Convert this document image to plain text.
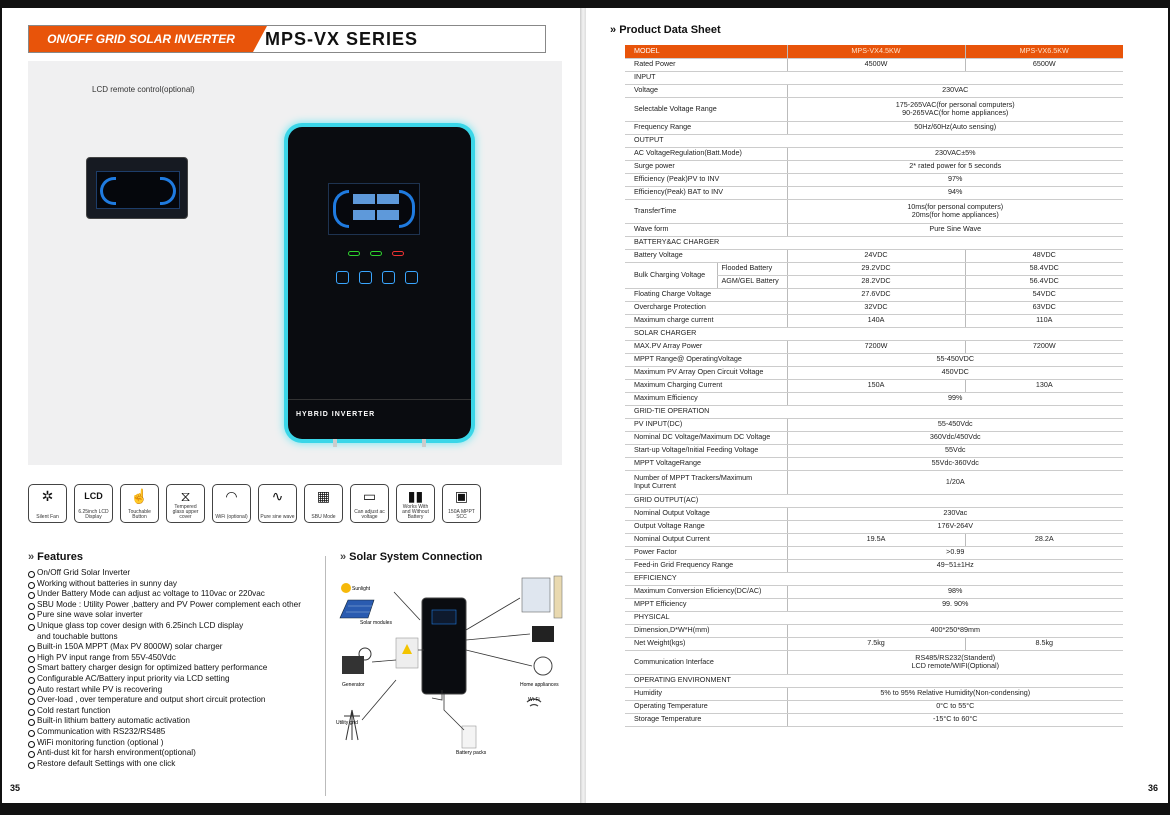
ON/OFF GRID SOLAR INVERTER	MPS-VX SERIES
LCD remote control(optional)
HYBRID INVERTER
✲
Silent Fan
LCD
6.25inch LCD Display
☝
Touchable Button
⧖
Tempered glass upper cover
◠
WiFi (optional)
∿
Pure sine wave
▦
SBU Mode
▭
Can adjust ac voltage
▮▮
Works With and Without Battery
▣
150A MPPT SCC
» Features
On/Off Grid Solar Inverter
Working without batteries in sunny day
Under Battery Mode can adjust ac voltage to 110vac or 220vac
SBU Mode : Utility Power ,battery and PV Power complement each other
Pure sine wave solar inverter
Unique glass top cover design with 6.25inch LCD display
and touchable buttons
Built-in 150A MPPT (Max PV 8000W) solar charger
High PV input range from 55V-450Vdc
Smart battery charger design for optimized battery performance
Configurable AC/Battery input priority via LCD setting
Auto restart while PV is recovering
Over-load , over temperature and output short circuit protection
Cold restart function
Built-in lithium battery automatic activation
Communication with RS232/RS485
WiFi monitoring function (optional )
Anti-dust kit for harsh environment(optional)
Restore default Settings with one click
» Solar System Connection
Sunlight
Solar modules
Generator
Utility grid
Wi-Fi
Battery packs
Home appliances
35
» Product Data Sheet
MODEL		MPS-VX4.5KW	MPS-VX6.5KW
Rated Power		4500W	6500W
INPUT			
Voltage		230VAC	
Selectable Voltage Range		175-265VAC(for personal computers)
90-265VAC(for home appliances)	

Frequency Range		50Hz/60Hz(Auto sensing)	
OUTPUT			
AC VoltageRegulation(Batt.Mode)		230VAC±5%	
Surge power		2* rated power for 5 seconds	
Efficiency (Peak)PV to INV		97%	
Efficiency(Peak) BAT to INV		94%	
TransferTime		10ms(for personal computers)
20ms(for home appliances)	

Wave form		Pure Sine Wave	
BATTERY&AC CHARGER			
Battery Voltage		24VDC	48VDC
Bulk Charging Voltage	Flooded Battery	29.2VDC	58.4VDC
	AGM/GEL Battery	28.2VDC	56.4VDC
Floating Charge Voltage		27.6VDC	54VDC
Overcharge Protection		32VDC	63VDC
Maximum charge current		140A	110A
SOLAR CHARGER			
MAX.PV Array Power		7200W	7200W
MPPT Range@ OperatingVoltage		55-450VDC	
Maximum PV Array Open Circuit Voltage		450VDC	
Maximum Charging Current		150A	130A
Maximum Efficiency		99%	
GRID-TIE OPERATION			
PV INPUT(DC)		55-450Vdc	
Nominal DC Voltage/Maximum DC Voltage		360Vdc/450Vdc	
Start-up Voltage/Initial Feeding Voltage		55Vdc	
MPPT VoltageRange		55Vdc-360Vdc	

Number of MPPT Trackers/Maximum
Input Current		1/20A	
GRID OUTPUT(AC)			
Nominal Output Voltage		230Vac	
Output Voltage Range		176V-264V	
Nominal Output Current		19.5A	28.2A
Power Factor		>0.99	
Feed-in Grid Frequency Range		49~51±1Hz	
EFFICIENCY			
Maximum Conversion Eficiency(DC/AC)		98%	
MPPT Efficiency		99. 90%	
PHYSICAL			
Dimension,D*W*H(mm)		400*250*89mm	
Net Weight(kgs)		7.5kg	8.5kg
Communication Interface		RS485/RS232(Standerd)
LCD remote/WIFI(Optional)	

OPERATING ENVIRONMENT			
Humidity		5% to 95% Relative Humidity(Non-condensing)	
Operating Temperature		0°C to 55°C	
Storage Temperature		-15°C to 60°C	
36
